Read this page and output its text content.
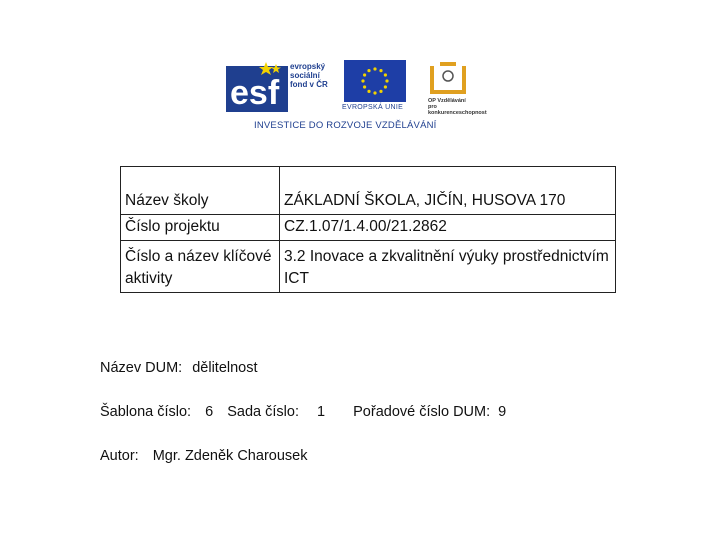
esf
evropský
sociální
fond v ČR
EVROPSKÁ UNIE
OP Vzdělávání
pro konkurenceschopnost
INVESTICE DO ROZVOJE VZDĚLÁVÁNÍ
Název školy	ZÁKLADNÍ ŠKOLA, JIČÍN, HUSOVA 170
Číslo projektu	CZ.1.07/1.4.00/21.2862
Číslo a název klíčové aktivity	3.2 Inovace a zkvalitnění výuky prostřednictvím ICT
Název DUM: dělitelnost
Šablona číslo: 6 Sada číslo: 1 Pořadové číslo DUM: 9
Autor: Mgr. Zdeněk Charousek
